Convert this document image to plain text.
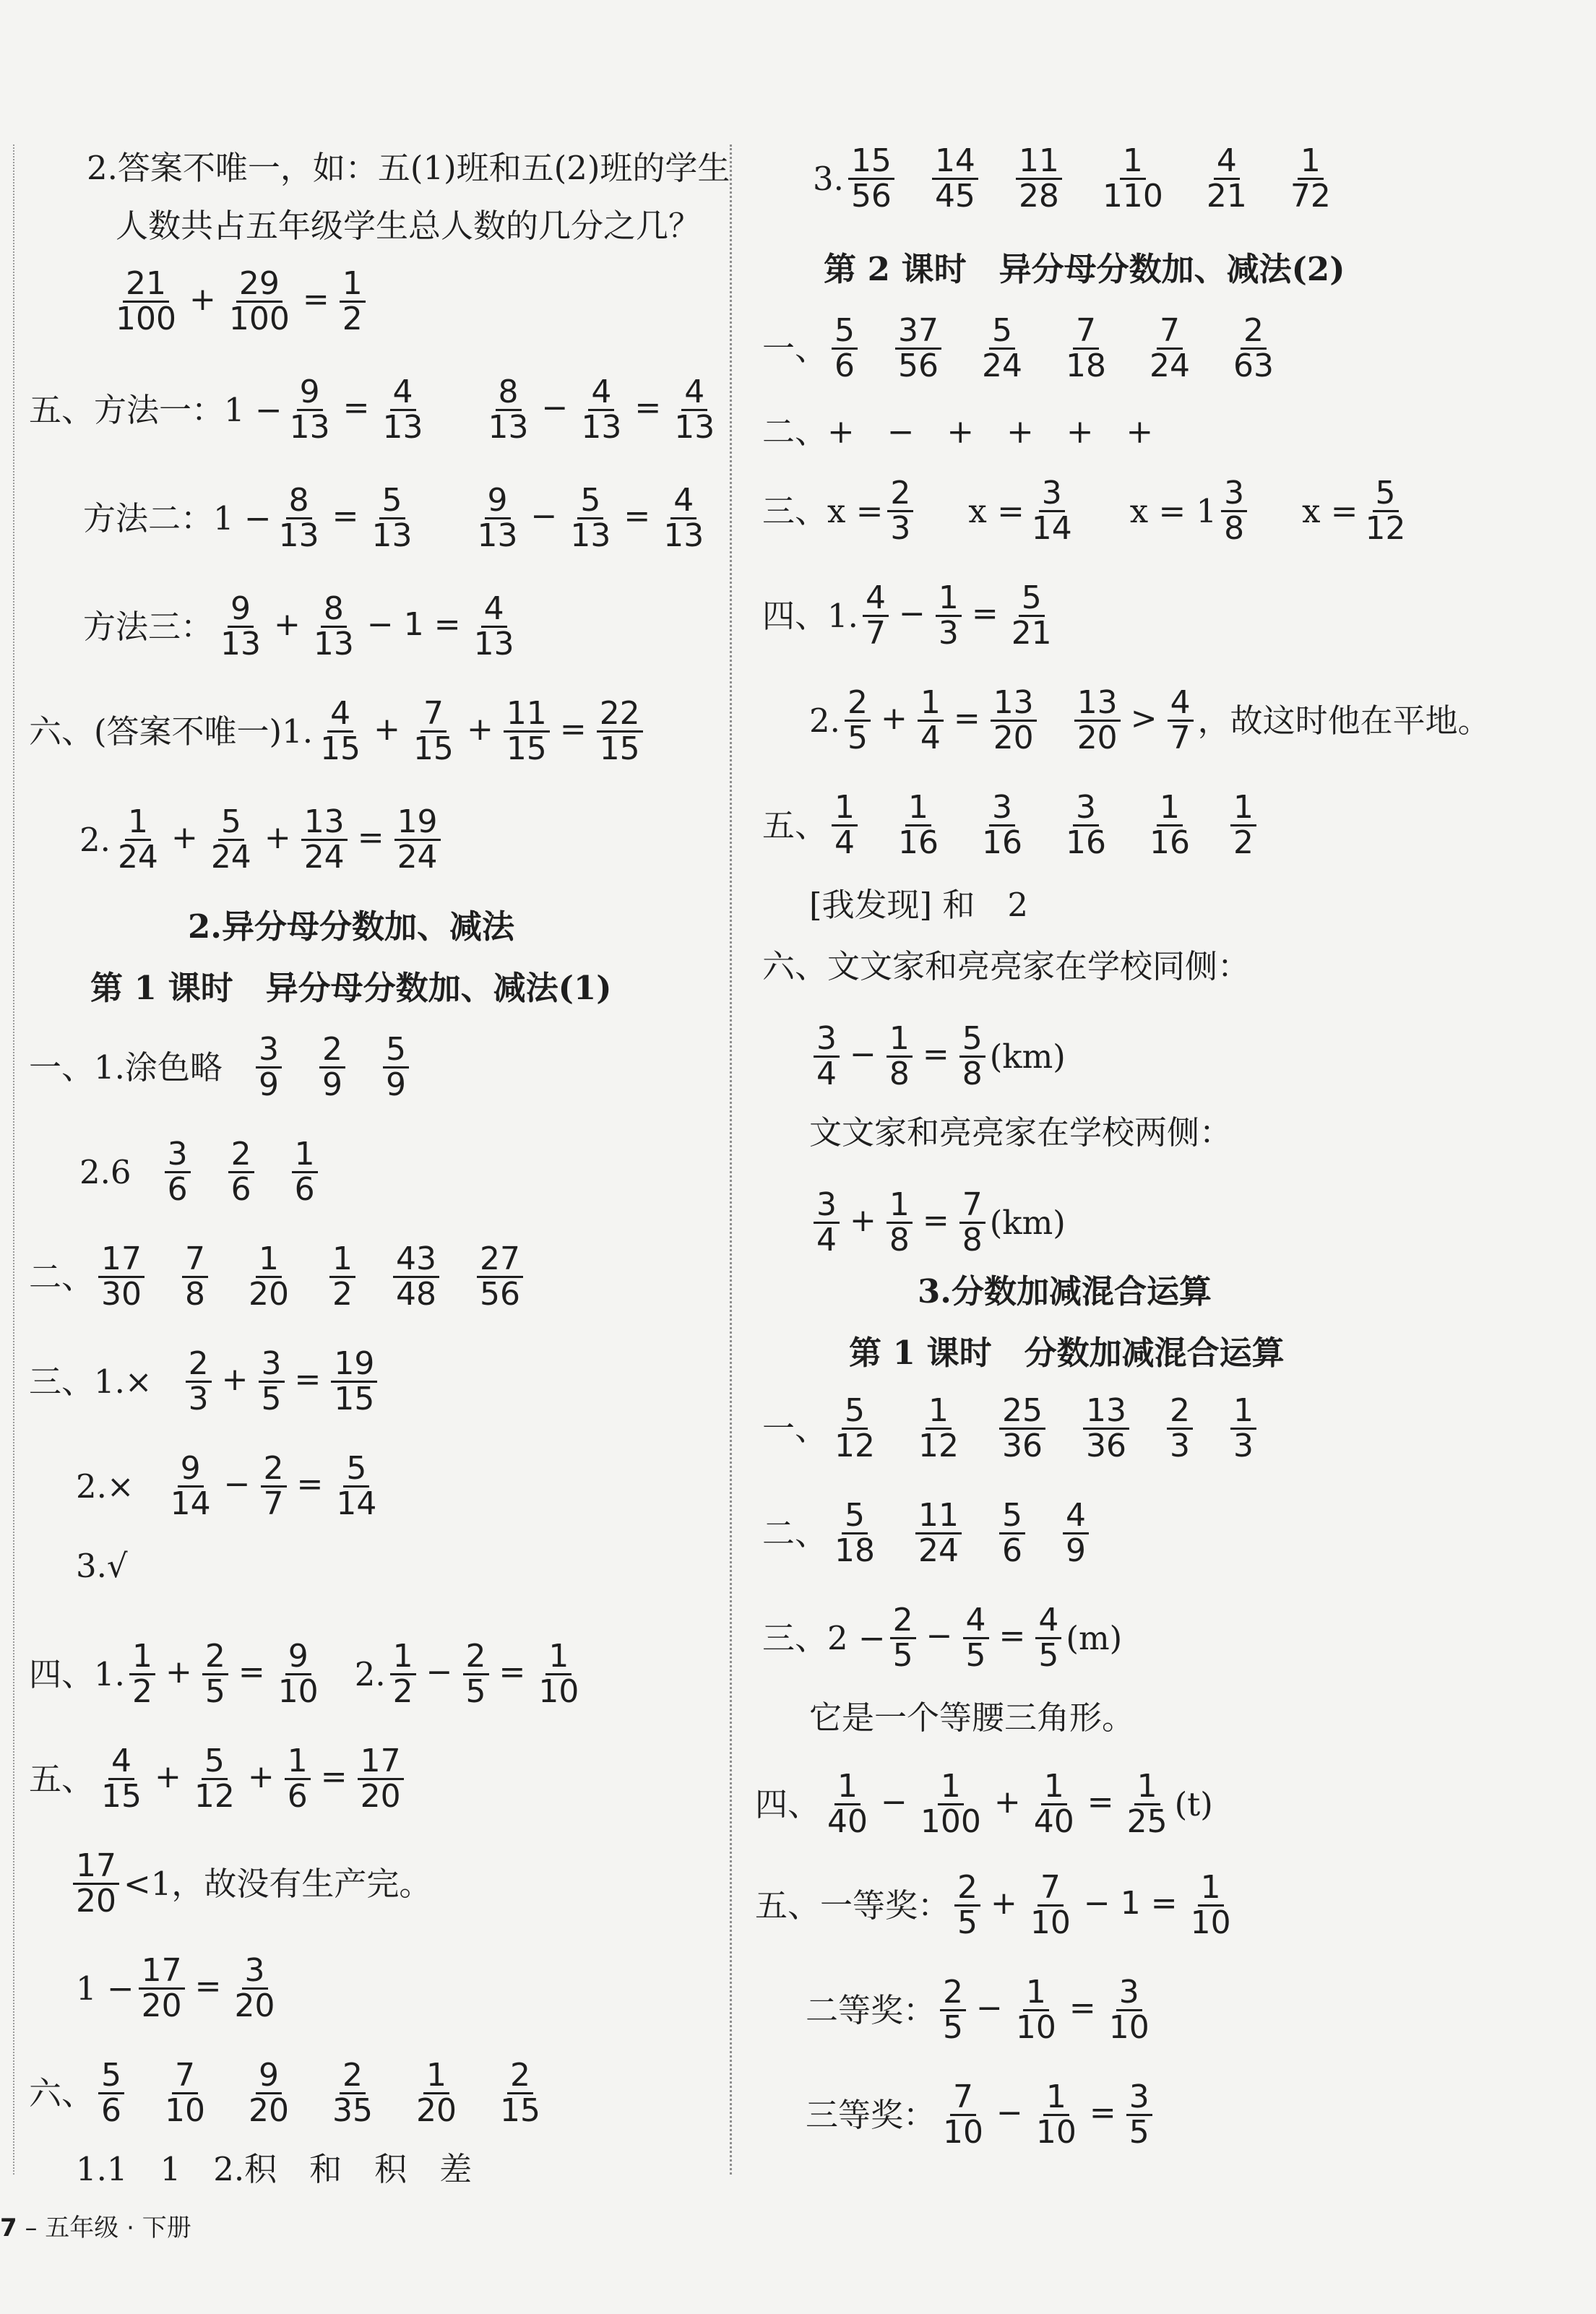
2.答案不唯一，如：五(1)班和五(2)班的学生
人数共占五年级学生总人数的几分之几？
$\frac{21}{100} + \frac{29}{100} = \frac{1}{2}$
五、方法一：$1 - \frac{9}{13} = \frac{4}{13} \frac{8}{13} - \frac{4}{13} = \frac{4}{13}$
方法二：$1 - \frac{8}{13} = \frac{5}{13} \frac{9}{13} - \frac{5}{13} = \frac{4}{13}$
方法三： $\frac{9}{13} + \frac{8}{13} - 1 = \frac{4}{13}$
六、(答案不唯一)1. $\frac{4}{15} + \frac{7}{15} + \frac{11}{15} = \frac{22}{15}$
2. $\frac{1}{24} + \frac{5}{24} + \frac{13}{24} = \frac{19}{24}$
2.异分母分数加、减法
第 1 课时　异分母分数加、减法(1)
一、1.涂色略 $\frac{3}{9} \frac{2}{9} \frac{5}{9}$
$2.6 \frac{3}{6} \frac{2}{6} \frac{1}{6}$
二、 $\frac{17}{30} \frac{7}{8} \frac{1}{20} \frac{1}{2} \frac{43}{48} \frac{27}{56}$
三、$1.\times \frac{2}{3} + \frac{3}{5} = \frac{19}{15}$
$2.\times \frac{9}{14} - \frac{2}{7} = \frac{5}{14}$
3.√
四、1. $\frac{1}{2} + \frac{2}{5} = \frac{9}{10} 2$. $\frac{1}{2} - \frac{2}{5} = \frac{1}{10}$
五、 $\frac{4}{15} + \frac{5}{12} + \frac{1}{6} = \frac{17}{20}$
$\frac{17}{20} <1$，故没有生产完。
$1 - \frac{17}{20} = \frac{3}{20}$
六、 $\frac{5}{6} \frac{7}{10} \frac{9}{20} \frac{2}{35} \frac{1}{20} \frac{2}{15}$
1.1　1　2.积　和　积　差
3. $\frac{15}{56} \frac{14}{45} \frac{11}{28} \frac{1}{110} \frac{4}{21} \frac{1}{72}$
第 2 课时　异分母分数加、减法(2)
一、 $\frac{5}{6} \frac{37}{56} \frac{5}{24} \frac{7}{18} \frac{7}{24} \frac{2}{63}$
二、+　−　+　+　+　+
三、 $x = \frac{2}{3}$ $x = \frac{3}{14}$ $x = 1 \frac{3}{8}$ $x = \frac{5}{12}$
四、1. $\frac{4}{7} - \frac{1}{3} = \frac{5}{21}$
2. $\frac{2}{5} + \frac{1}{4} = \frac{13}{20} \frac{13}{20} > \frac{4}{7}$ ，故这时他在平地。
五、 $\frac{1}{4} \frac{1}{16} \frac{3}{16} \frac{3}{16} \frac{1}{16} \frac{1}{2}$
[我发现] 和　2
六、文文家和亮亮家在学校同侧：
$\frac{3}{4} - \frac{1}{8} = \frac{5}{8} (km)$
文文家和亮亮家在学校两侧：
$\frac{3}{4} + \frac{1}{8} = \frac{7}{8} (km)$
3.分数加减混合运算
第 1 课时　分数加减混合运算
一、 $\frac{5}{12} \frac{1}{12} \frac{25}{36} \frac{13}{36} \frac{2}{3} \frac{1}{3}$
二、 $\frac{5}{18} \frac{11}{24} \frac{5}{6} \frac{4}{9}$
三、$2 - \frac{2}{5} - \frac{4}{5} = \frac{4}{5} (m)$
它是一个等腰三角形。
四、 $\frac{1}{40} - \frac{1}{100} + \frac{1}{40} = \frac{1}{25} (t)$
五、一等奖： $\frac{2}{5} + \frac{7}{10} - 1 = \frac{1}{10}$
二等奖： $\frac{2}{5} - \frac{1}{10} = \frac{3}{10}$
三等奖： $\frac{7}{10} - \frac{1}{10} = \frac{3}{5}$
7 – 五年级 · 下册
